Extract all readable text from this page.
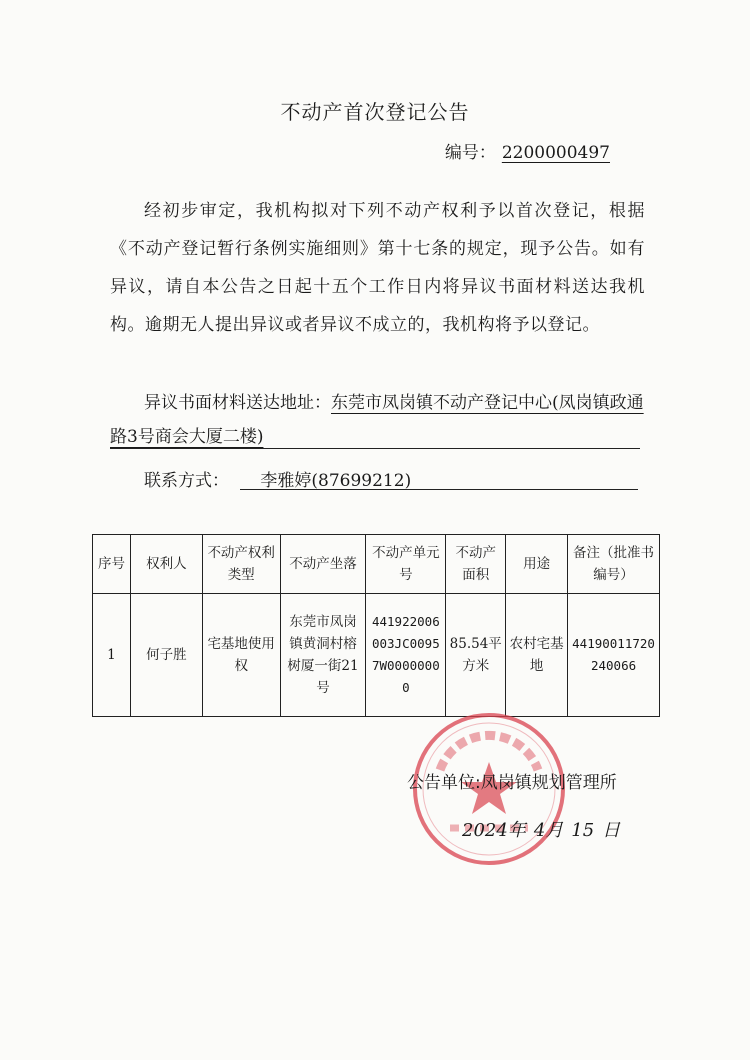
不动产首次登记公告
编号： 2200000497
经初步审定，我机构拟对下列不动产权利予以首次登记，根据《不动产登记暂行条例实施细则》第十七条的规定，现予公告。如有异议，请自本公告之日起十五个工作日内将异议书面材料送达我机构。逾期无人提出异议或者异议不成立的，我机构将予以登记。
异议书面材料送达地址：东莞市凤岗镇不动产登记中心(凤岗镇政通路3号商会大厦二楼)
联系方式： 李雅婷(87699212)
序号	权利人	不动产权利类型	不动产坐落	不动产单元号	不动产面积	用途	备注（批准书编号）
1	何子胜	宅基地使用权	东莞市凤岗镇黄洞村榕树厦一街21号	441922006003JC00957W00000000	85.54平方米	农村宅基地	44190011720240066
公告单位:凤岗镇规划管理所
2024年 4月 15 日
